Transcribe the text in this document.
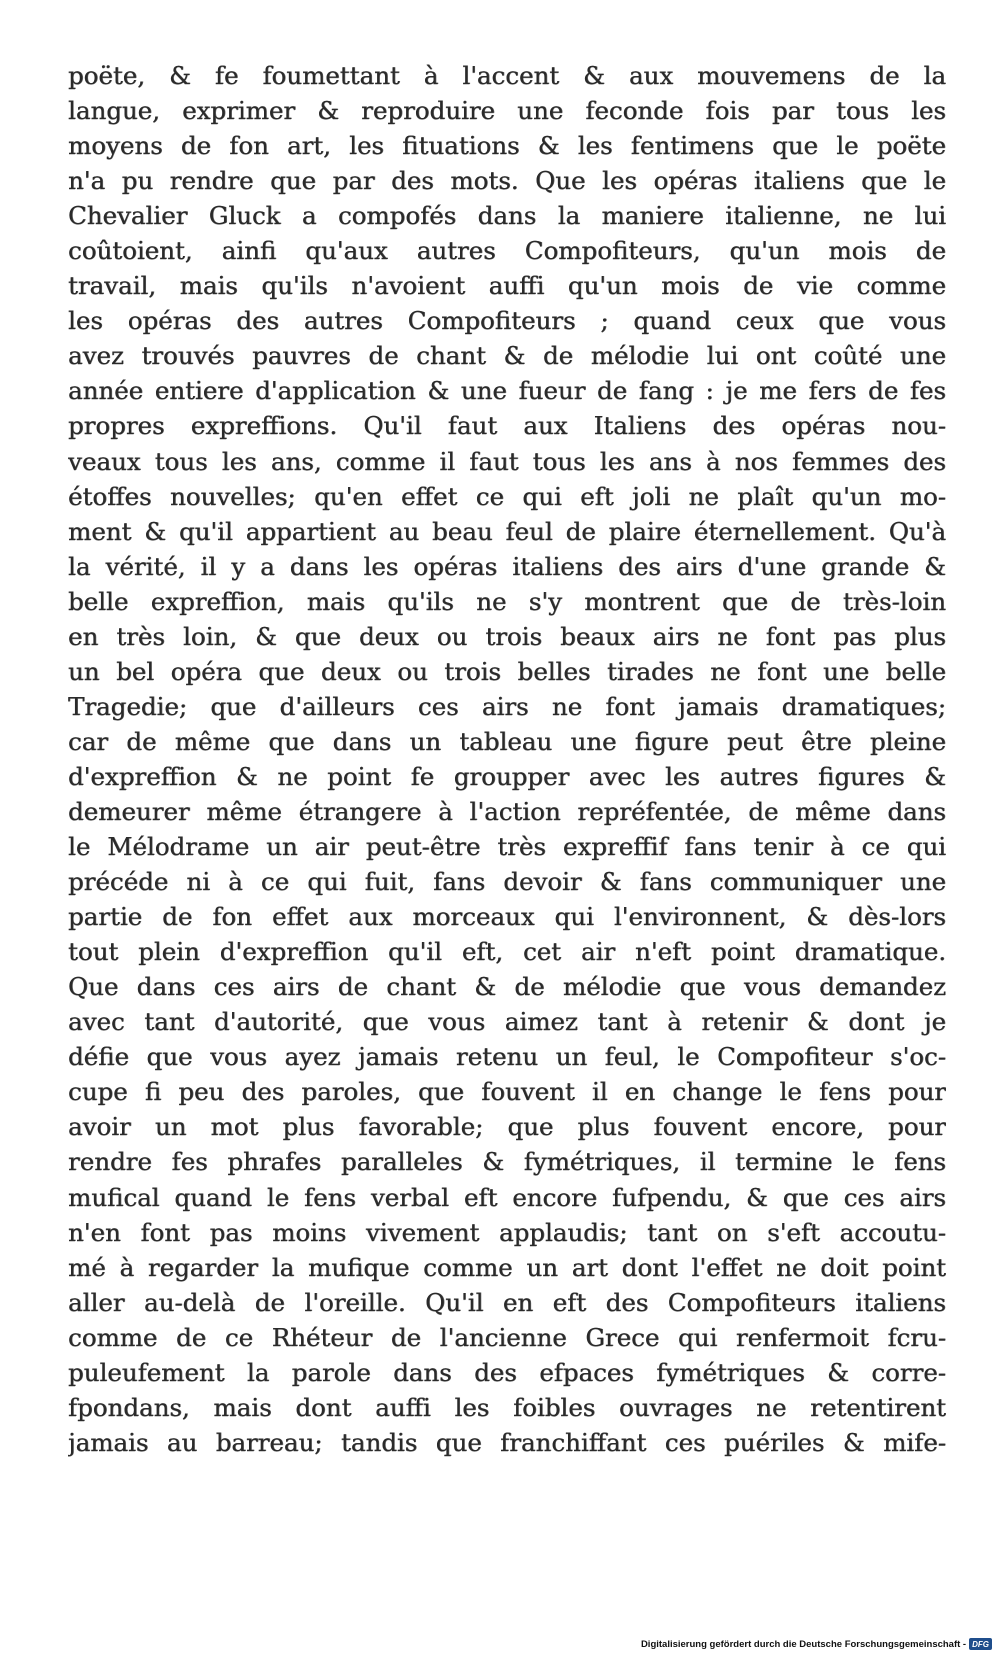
poëte, & fe foumettant à l'accent & aux mouvemens de la
langue, exprimer & reproduire une feconde fois par tous les
moyens de fon art, les fituations & les fentimens que le poëte
n'a pu rendre que par des mots. Que les opéras italiens que le
Chevalier Gluck a compofés dans la maniere italienne, ne lui
coûtoient, ainfi qu'aux autres Compofiteurs, qu'un mois de
travail, mais qu'ils n'avoient auffi qu'un mois de vie comme
les opéras des autres Compofiteurs ; quand ceux que vous
avez trouvés pauvres de chant & de mélodie lui ont coûté une
année entiere d'application & une fueur de fang : je me fers de fes
propres expreffions. Qu'il faut aux Italiens des opéras nou-
veaux tous les ans, comme il faut tous les ans à nos femmes des
étoffes nouvelles; qu'en effet ce qui eft joli ne plaît qu'un mo-
ment & qu'il appartient au beau feul de plaire éternellement. Qu'à
la vérité, il y a dans les opéras italiens des airs d'une grande &
belle expreffion, mais qu'ils ne s'y montrent que de très-loin
en très loin, & que deux ou trois beaux airs ne font pas plus
un bel opéra que deux ou trois belles tirades ne font une belle
Tragedie; que d'ailleurs ces airs ne font jamais dramatiques;
car de même que dans un tableau une figure peut être pleine
d'expreffion & ne point fe groupper avec les autres figures &
demeurer même étrangere à l'action repréfentée, de même dans
le Mélodrame un air peut-être très expreffif fans tenir à ce qui
précéde ni à ce qui fuit, fans devoir & fans communiquer une
partie de fon effet aux morceaux qui l'environnent, & dès-lors
tout plein d'expreffion qu'il eft, cet air n'eft point dramatique.
Que dans ces airs de chant & de mélodie que vous demandez
avec tant d'autorité, que vous aimez tant à retenir & dont je
défie que vous ayez jamais retenu un feul, le Compofiteur s'oc-
cupe fi peu des paroles, que fouvent il en change le fens pour
avoir un mot plus favorable; que plus fouvent encore, pour
rendre fes phrafes paralleles & fymétriques, il termine le fens
mufical quand le fens verbal eft encore fufpendu, & que ces airs
n'en font pas moins vivement applaudis; tant on s'eft accoutu-
mé à regarder la mufique comme un art dont l'effet ne doit point
aller au-delà de l'oreille. Qu'il en eft des Compofiteurs italiens
comme de ce Rhéteur de l'ancienne Grece qui renfermoit fcru-
puleufement la parole dans des efpaces fymétriques & corre-
fpondans, mais dont auffi les foibles ouvrages ne retentirent
jamais au barreau; tandis que franchiffant ces puériles & mife-
Digitalisierung gefördert durch die Deutsche Forschungsgemeinschaft - DFG
